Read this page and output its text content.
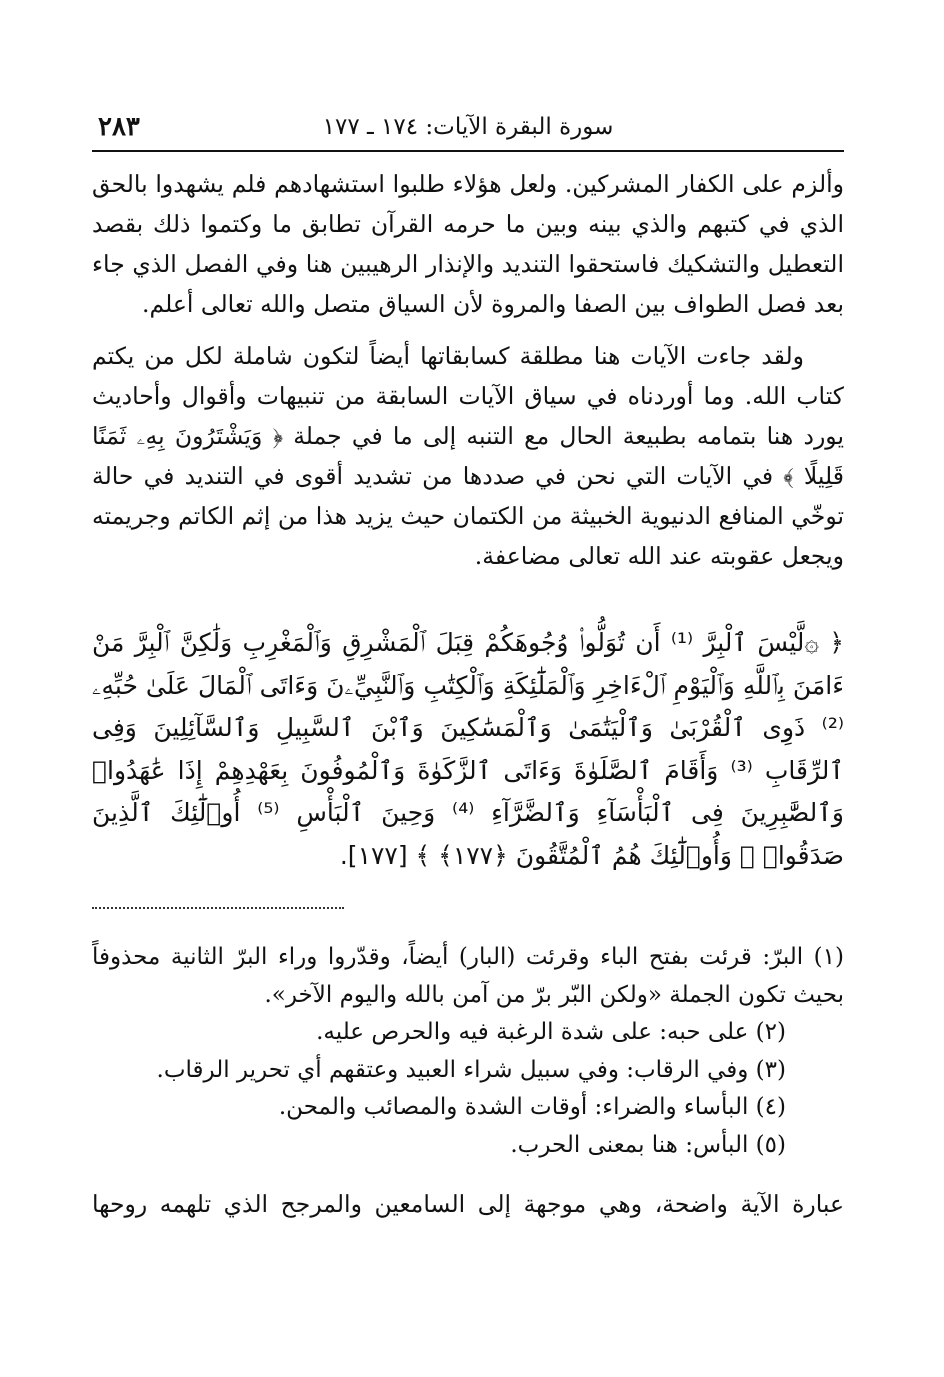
سورة البقرة الآيات: ١٧٤ ـ ١٧٧
٢٨٣

وألزم على الكفار المشركين. ولعل هؤلاء طلبوا استشهادهم فلم يشهدوا بالحق الذي في كتبهم والذي بينه وبين ما حرمه القرآن تطابق ما وكتموا ذلك بقصد التعطيل والتشكيك فاستحقوا التنديد والإنذار الرهيبين هنا وفي الفصل الذي جاء بعد فصل الطواف بين الصفا والمروة لأن السياق متصل والله تعالى أعلم.

ولقد جاءت الآيات هنا مطلقة كسابقاتها أيضاً لتكون شاملة لكل من يكتم كتاب الله. وما أوردناه في سياق الآيات السابقة من تنبيهات وأقوال وأحاديث يورد هنا بتمامه بطبيعة الحال مع التنبه إلى ما في جملة ﴿ وَيَشْتَرُونَ بِهِۦ ثَمَنًا قَلِيلًا ﴾ في الآيات التي نحن في صددها من تشديد أقوى في التنديد في حالة توخّي المنافع الدنيوية الخبيثة من الكتمان حيث يزيد هذا من إثم الكاتم وجريمته ويجعل عقوبته عند الله تعالى مضاعفة.

﴿ ۞لَّيْسَ ٱلْبِرَّ ⁽¹⁾ أَن تُوَلُّوا۟ وُجُوهَكُمْ قِبَلَ ٱلْمَشْرِقِ وَٱلْمَغْرِبِ وَلَٰكِنَّ ٱلْبِرَّ مَنْ ءَامَنَ بِٱللَّهِ وَٱلْيَوْمِ ٱلْءَاخِرِ وَٱلْمَلَٰٓئِكَةِ وَٱلْكِتَٰبِ وَٱلنَّبِيِّۦنَ وَءَاتَى ٱلْمَالَ عَلَىٰ حُبِّهِۦ ⁽²⁾ ذَوِى ٱلْقُرْبَىٰ وَٱلْيَتَٰمَىٰ وَٱلْمَسَٰكِينَ وَٱبْنَ ٱلسَّبِيلِ وَٱلسَّآئِلِينَ وَفِى ٱلرِّقَابِ ⁽³⁾ وَأَقَامَ ٱلصَّلَوٰةَ وَءَاتَى ٱلزَّكَوٰةَ وَٱلْمُوفُونَ بِعَهْدِهِمْ إِذَا عَٰهَدُوا۟ وَٱلصَّٰبِرِينَ فِى ٱلْبَأْسَآءِ وَٱلضَّرَّآءِ ⁽⁴⁾ وَحِينَ ٱلْبَأْسِ ⁽⁵⁾ أُو۟لَٰٓئِكَ ٱلَّذِينَ صَدَقُوا۟ ۖ وَأُو۟لَٰٓئِكَ هُمُ ٱلْمُتَّقُونَ ﴿١٧٧﴾ ﴾ [١٧٧].

(١) البرّ: قرئت بفتح الباء وقرئت (البار) أيضاً، وقدّروا وراء البرّ الثانية محذوفاً بحيث تكون الجملة «ولكن البّر برّ من آمن بالله واليوم الآخر».

(٢) على حبه: على شدة الرغبة فيه والحرص عليه.

(٣) وفي الرقاب: وفي سبيل شراء العبيد وعتقهم أي تحرير الرقاب.

(٤) البأساء والضراء: أوقات الشدة والمصائب والمحن.

(٥) البأس: هنا بمعنى الحرب.

عبارة الآية واضحة، وهي موجهة إلى السامعين والمرجح الذي تلهمه روحها
